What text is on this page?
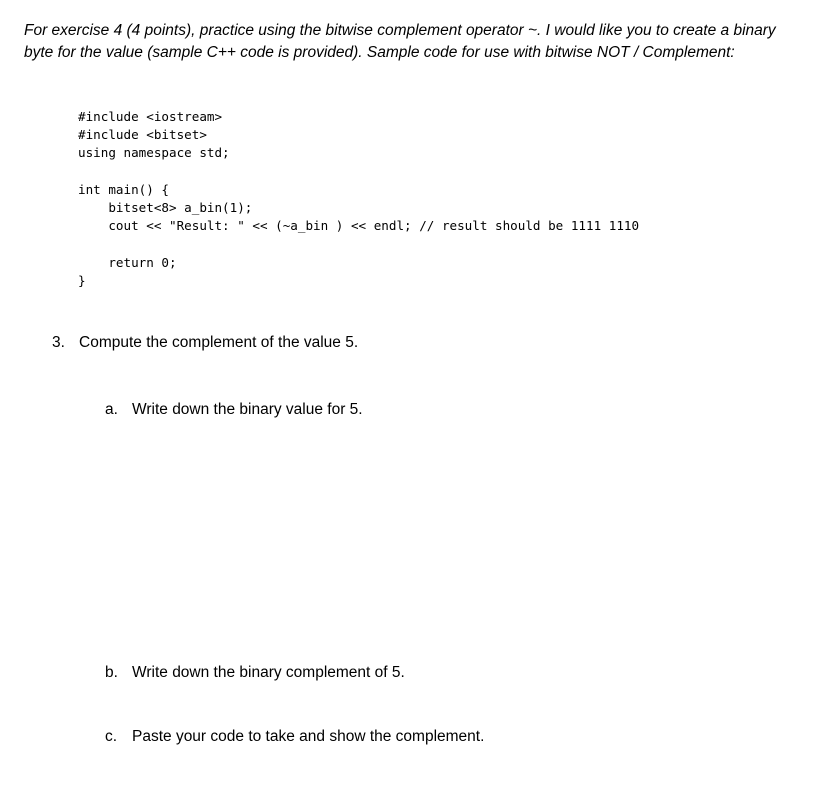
For exercise 4 (4 points), practice using the bitwise complement operator ~. I would like you to create a binary byte for the value (sample C++ code is provided). Sample code for use with bitwise NOT / Complement:

#include <iostream>
#include <bitset>
using namespace std;
int main() {
bitset<8> a_bin(1);
cout << "Result: " << (~a_bin ) << endl; // result should be 1111 1110
return 0;
}

3. Compute the complement of the value 5.

a. Write down the binary value for 5.

b. Write down the binary complement of 5.

c. Paste your code to take and show the complement.
